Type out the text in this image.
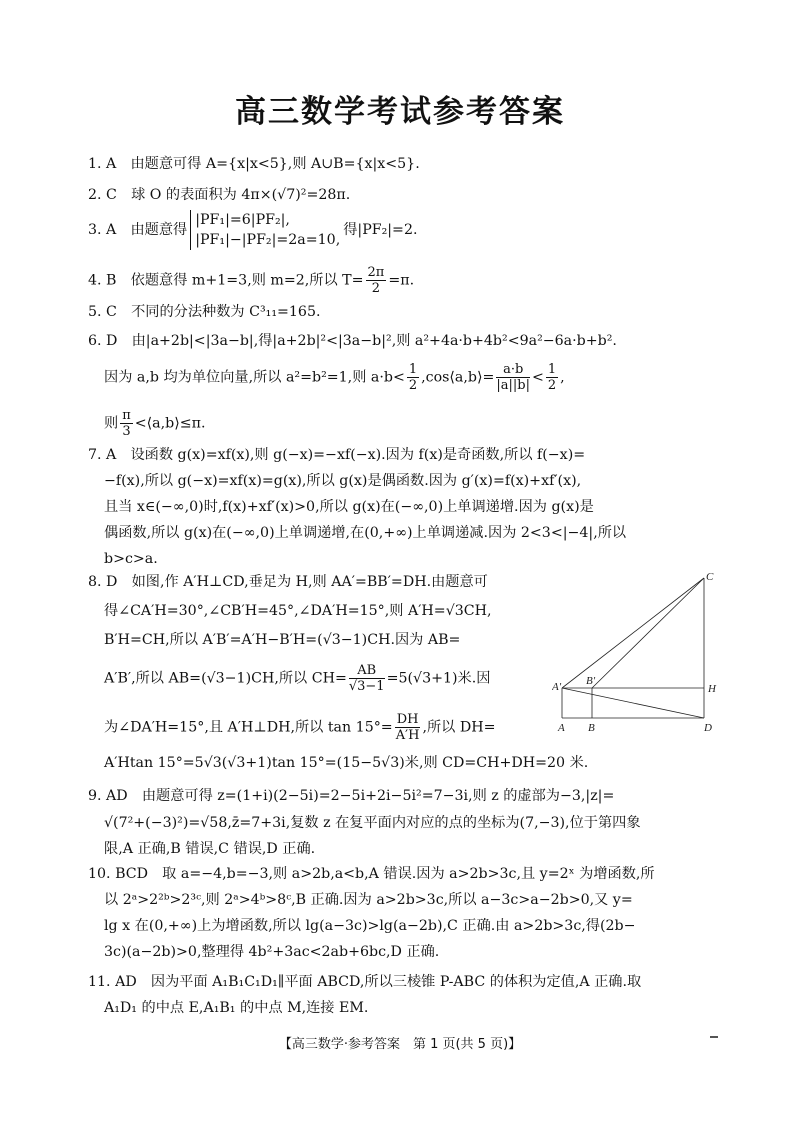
高三数学考试参考答案
1. A　由题意可得 A={x|x<5},则 A∪B={x|x<5}.
2. C　球 O 的表面积为 4π×(√7)²=28π.
3. A　由题意得
|PF₁|=6|PF₂|,
|PF₁|−|PF₂|=2a=10,
得|PF₂|=2.
4. B　依题意得 m+1=3,则 m=2,所以 $T= \frac{2\pi}{2} =\pi$.
5. C　不同的分法种数为 C³₁₁=165.
6. D　由|a+2b|<|3a−b|,得|a+2b|²<|3a−b|²,则 a²+4a·b+4b²<9a²−6a·b+b².
因为 a,b 均为单位向量,所以 a²=b²=1,则 $a\cdot b< \frac{1}{2}$ ,cos⟨a,b⟩= $\frac{a\cdot b}{|a||b|} < \frac{1}{2}$ ,
则 $\frac{\pi}{3}$ <⟨a,b⟩≤π.
7. A　设函数 g(x)=xf(x),则 g(−x)=−xf(−x).因为 f(x)是奇函数,所以 f(−x)=
−f(x),所以 g(−x)=xf(x)=g(x),所以 g(x)是偶函数.因为 g′(x)=f(x)+xf′(x),
且当 x∈(−∞,0)时,f(x)+xf′(x)>0,所以 g(x)在(−∞,0)上单调递增.因为 g(x)是
偶函数,所以 g(x)在(−∞,0)上单调递增,在(0,+∞)上单调递减.因为 2<3<|−4|,所以
b>c>a.
8. D　如图,作 A′H⊥CD,垂足为 H,则 AA′=BB′=DH.由题意可
得∠CA′H=30°,∠CB′H=45°,∠DA′H=15°,则 A′H=√3CH,
B′H=CH,所以 A′B′=A′H−B′H=(√3−1)CH.因为 AB=
A′B′,所以 AB=(√3−1)CH,所以 $CH= \frac{AB}{√3-1} =5(√3+1)$米.因
为∠DA′H=15°,且 A′H⊥DH,所以 $\tan 15^\circ= \frac{DH}{A'H}$ ,所以 DH=
A′Htan 15°=5√3(√3+1)tan 15°=(15−5√3)米,则 CD=CH+DH=20 米.
9. AD　由题意可得 z=(1+i)(2−5i)=2−5i+2i−5i²=7−3i,则 z 的虚部为−3,|z|=
√(7²+(−3)²)=√58,z̄=7+3i,复数 z 在复平面内对应的点的坐标为(7,−3),位于第四象
限,A 正确,B 错误,C 错误,D 正确.
10. BCD　取 a=−4,b=−3,则 a>2b,a<b,A 错误.因为 a>2b>3c,且 y=2ˣ 为增函数,所
以 2ᵃ>2²ᵇ>2³ᶜ,则 2ᵃ>4ᵇ>8ᶜ,B 正确.因为 a>2b>3c,所以 a−3c>a−2b>0,又 y=
lg x 在(0,+∞)上为增函数,所以 lg(a−3c)>lg(a−2b),C 正确.由 a>2b>3c,得(2b−
3c)(a−2b)>0,整理得 4b²+3ac<2ab+6bc,D 正确.
11. AD　因为平面 A₁B₁C₁D₁∥平面 ABCD,所以三棱锥 P-ABC 的体积为定值,A 正确.取
A₁D₁ 的中点 E,A₁B₁ 的中点 M,连接 EM.
C
A′ B′
H
A B	D
【高三数学·参考答案　第 1 页(共 5 页)】
